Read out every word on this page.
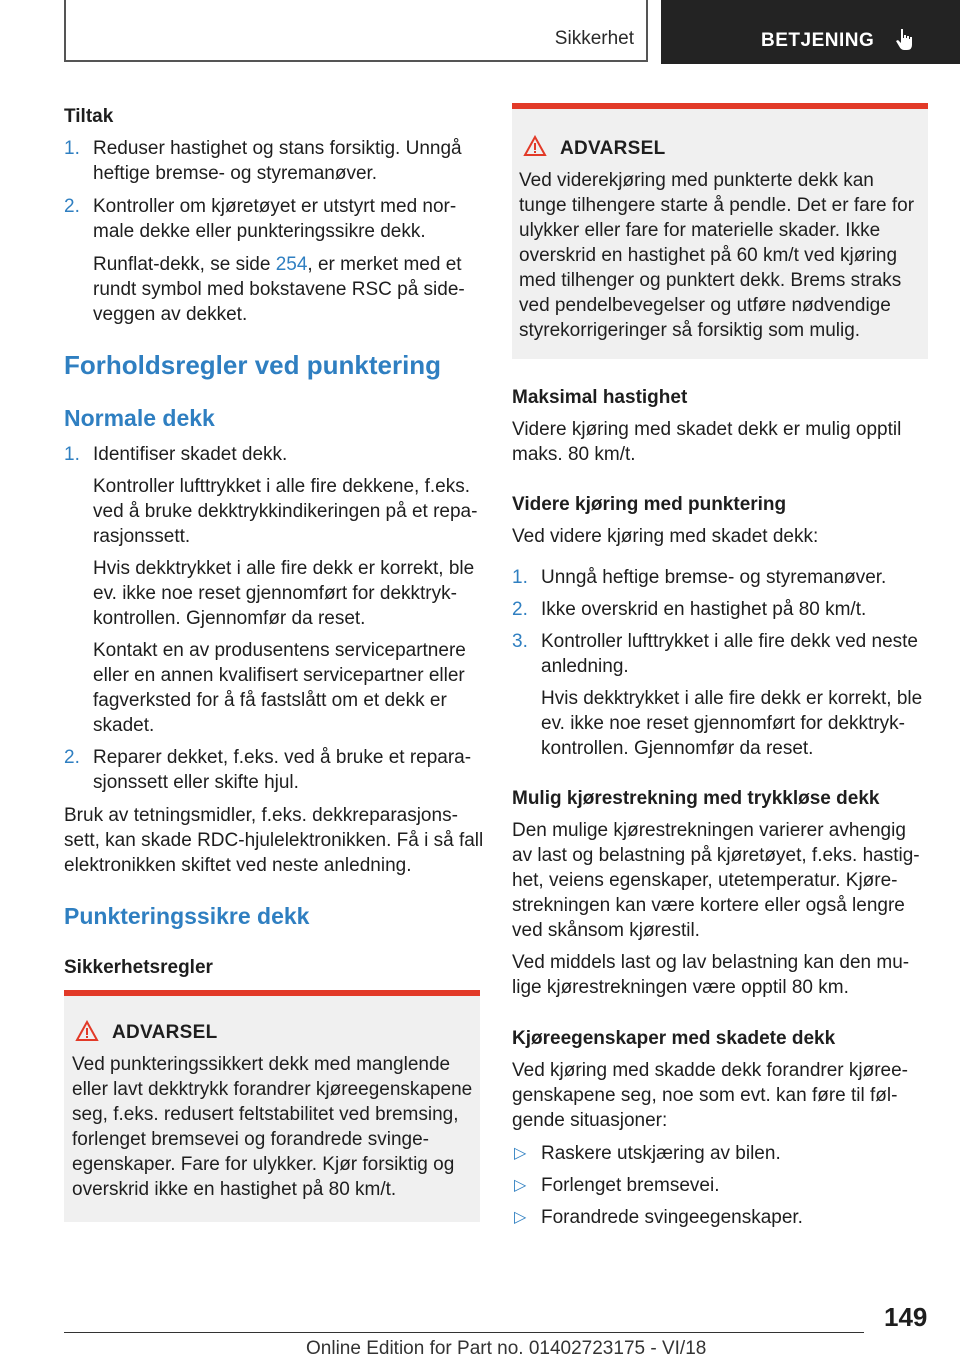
Sikkerhet	BETJENING
Tiltak
1. Reduser hastighet og stans forsiktig. Unngå
heftige bremse- og styremanøver.
2. Kontroller om kjøretøyet er utstyrt med nor-
male dekke eller punkteringssikre dekk.
Runflat-dekk, se side 254, er merket med et
rundt symbol med bokstavene RSC på side-
veggen av dekket.
Forholdsregler ved punktering
Normale dekk
1. Identifiser skadet dekk.
Kontroller lufttrykket i alle fire dekkene, f.eks.
ved å bruke dekktrykkindikeringen på et repa-
rasjonssett.
Hvis dekktrykket i alle fire dekk er korrekt, ble
ev. ikke noe reset gjennomført for dekktryk-
kontrollen. Gjennomfør da reset.
Kontakt en av produsentens servicepartnere
eller en annen kvalifisert servicepartner eller
fagverksted for å få fastslått om et dekk er
skadet.
2. Reparer dekket, f.eks. ved å bruke et repara-
sjonssett eller skifte hjul.
Bruk av tetningsmidler, f.eks. dekkreparasjons-
sett, kan skade RDC-hjulelektronikken. Få i så fall
elektronikken skiftet ved neste anledning.
Punkteringssikre dekk
Sikkerhetsregler
ADVARSEL
Ved punkteringssikkert dekk med manglende
eller lavt dekktrykk forandrer kjøreegenskapene
seg, f.eks. redusert feltstabilitet ved bremsing,
forlenget bremsevei og forandrede svinge-
egenskaper. Fare for ulykker. Kjør forsiktig og
overskrid ikke en hastighet på 80 km/t.
ADVARSEL
Ved viderekjøring med punkterte dekk kan
tunge tilhengere starte å pendle. Det er fare for
ulykker eller fare for materielle skader. Ikke
overskrid en hastighet på 60 km/t ved kjøring
med tilhenger og punktert dekk. Brems straks
ved pendelbevegelser og utføre nødvendige
styrekorrigeringer så forsiktig som mulig.
Maksimal hastighet
Videre kjøring med skadet dekk er mulig opptil
maks. 80 km/t.
Videre kjøring med punktering
Ved videre kjøring med skadet dekk:
1. Unngå heftige bremse- og styremanøver.
2. Ikke overskrid en hastighet på 80 km/t.
3. Kontroller lufttrykket i alle fire dekk ved neste
anledning.
Hvis dekktrykket i alle fire dekk er korrekt, ble
ev. ikke noe reset gjennomført for dekktryk-
kontrollen. Gjennomfør da reset.
Mulig kjørestrekning med trykkløse dekk
Den mulige kjørestrekningen varierer avhengig
av last og belastning på kjøretøyet, f.eks. hastig-
het, veiens egenskaper, utetemperatur. Kjøre-
strekningen kan være kortere eller også lengre
ved skånsom kjørestil.
Ved middels last og lav belastning kan den mu-
lige kjørestrekningen være opptil 80 km.
Kjøreegenskaper med skadete dekk
Ved kjøring med skadde dekk forandrer kjøree-
genskapene seg, noe som evt. kan føre til føl-
gende situasjoner:
▷ Raskere utskjæring av bilen.
▷ Forlenget bremsevei.
▷ Forandrede svingeegenskaper.
149
Online Edition for Part no. 01402723175 - VI/18
